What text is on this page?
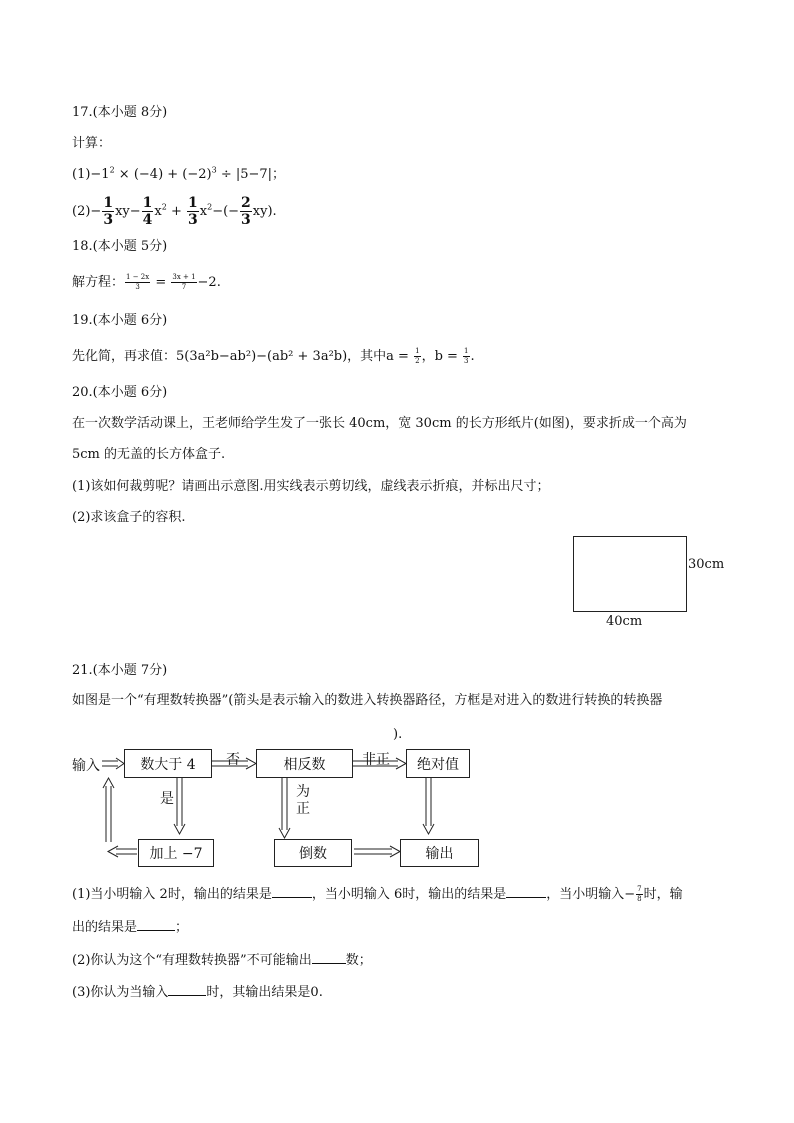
17.(本小题 8分)
计算：
$(1)-1^2 \times (-4) + (-2)^3 \div |5-7|$；
$(2)- \frac{1}{3} xy- \frac{1}{4} x^2 + \frac{1}{3} x^2-(- \frac{2}{3} xy)$.
18.(本小题 5分)
解方程： $\frac{1 - 2x}{3} = \frac{3x + 1}{7} -2$.
19.(本小题 6分)
先化简，再求值：5(3a²b−ab²)−(ab² + 3a²b)，其中$a = \frac{1}{2}$ ，$b = \frac{1}{3}$ .
20.(本小题 6分)
在一次数学活动课上，王老师给学生发了一张长 40cm，宽 30cm 的长方形纸片(如图)，要求折成一个高为
5cm 的无盖的长方体盒子.
(1)该如何裁剪呢？请画出示意图.用实线表示剪切线，虚线表示折痕，并标出尺寸；
(2)求该盒子的容积.
30cm
40cm
21.(本小题 7分)
如图是一个“有理数转换器”(箭头是表示输入的数进入转换器路径，方框是对进入的数进行转换的转换器
).
输入	数大于 4	否	相反数	非正	绝对值
是	为正
加上 −7	倒数	输出
(1)当小明输入 2时，输出的结果是	，当小明输入 6时，输出的结果是	，当小明输入− $\frac{7}{8}$ 时，输
出的结果是	；
(2)你认为这个“有理数转换器”不可能输出	数；
(3)你认为当输入	时，其输出结果是0.
